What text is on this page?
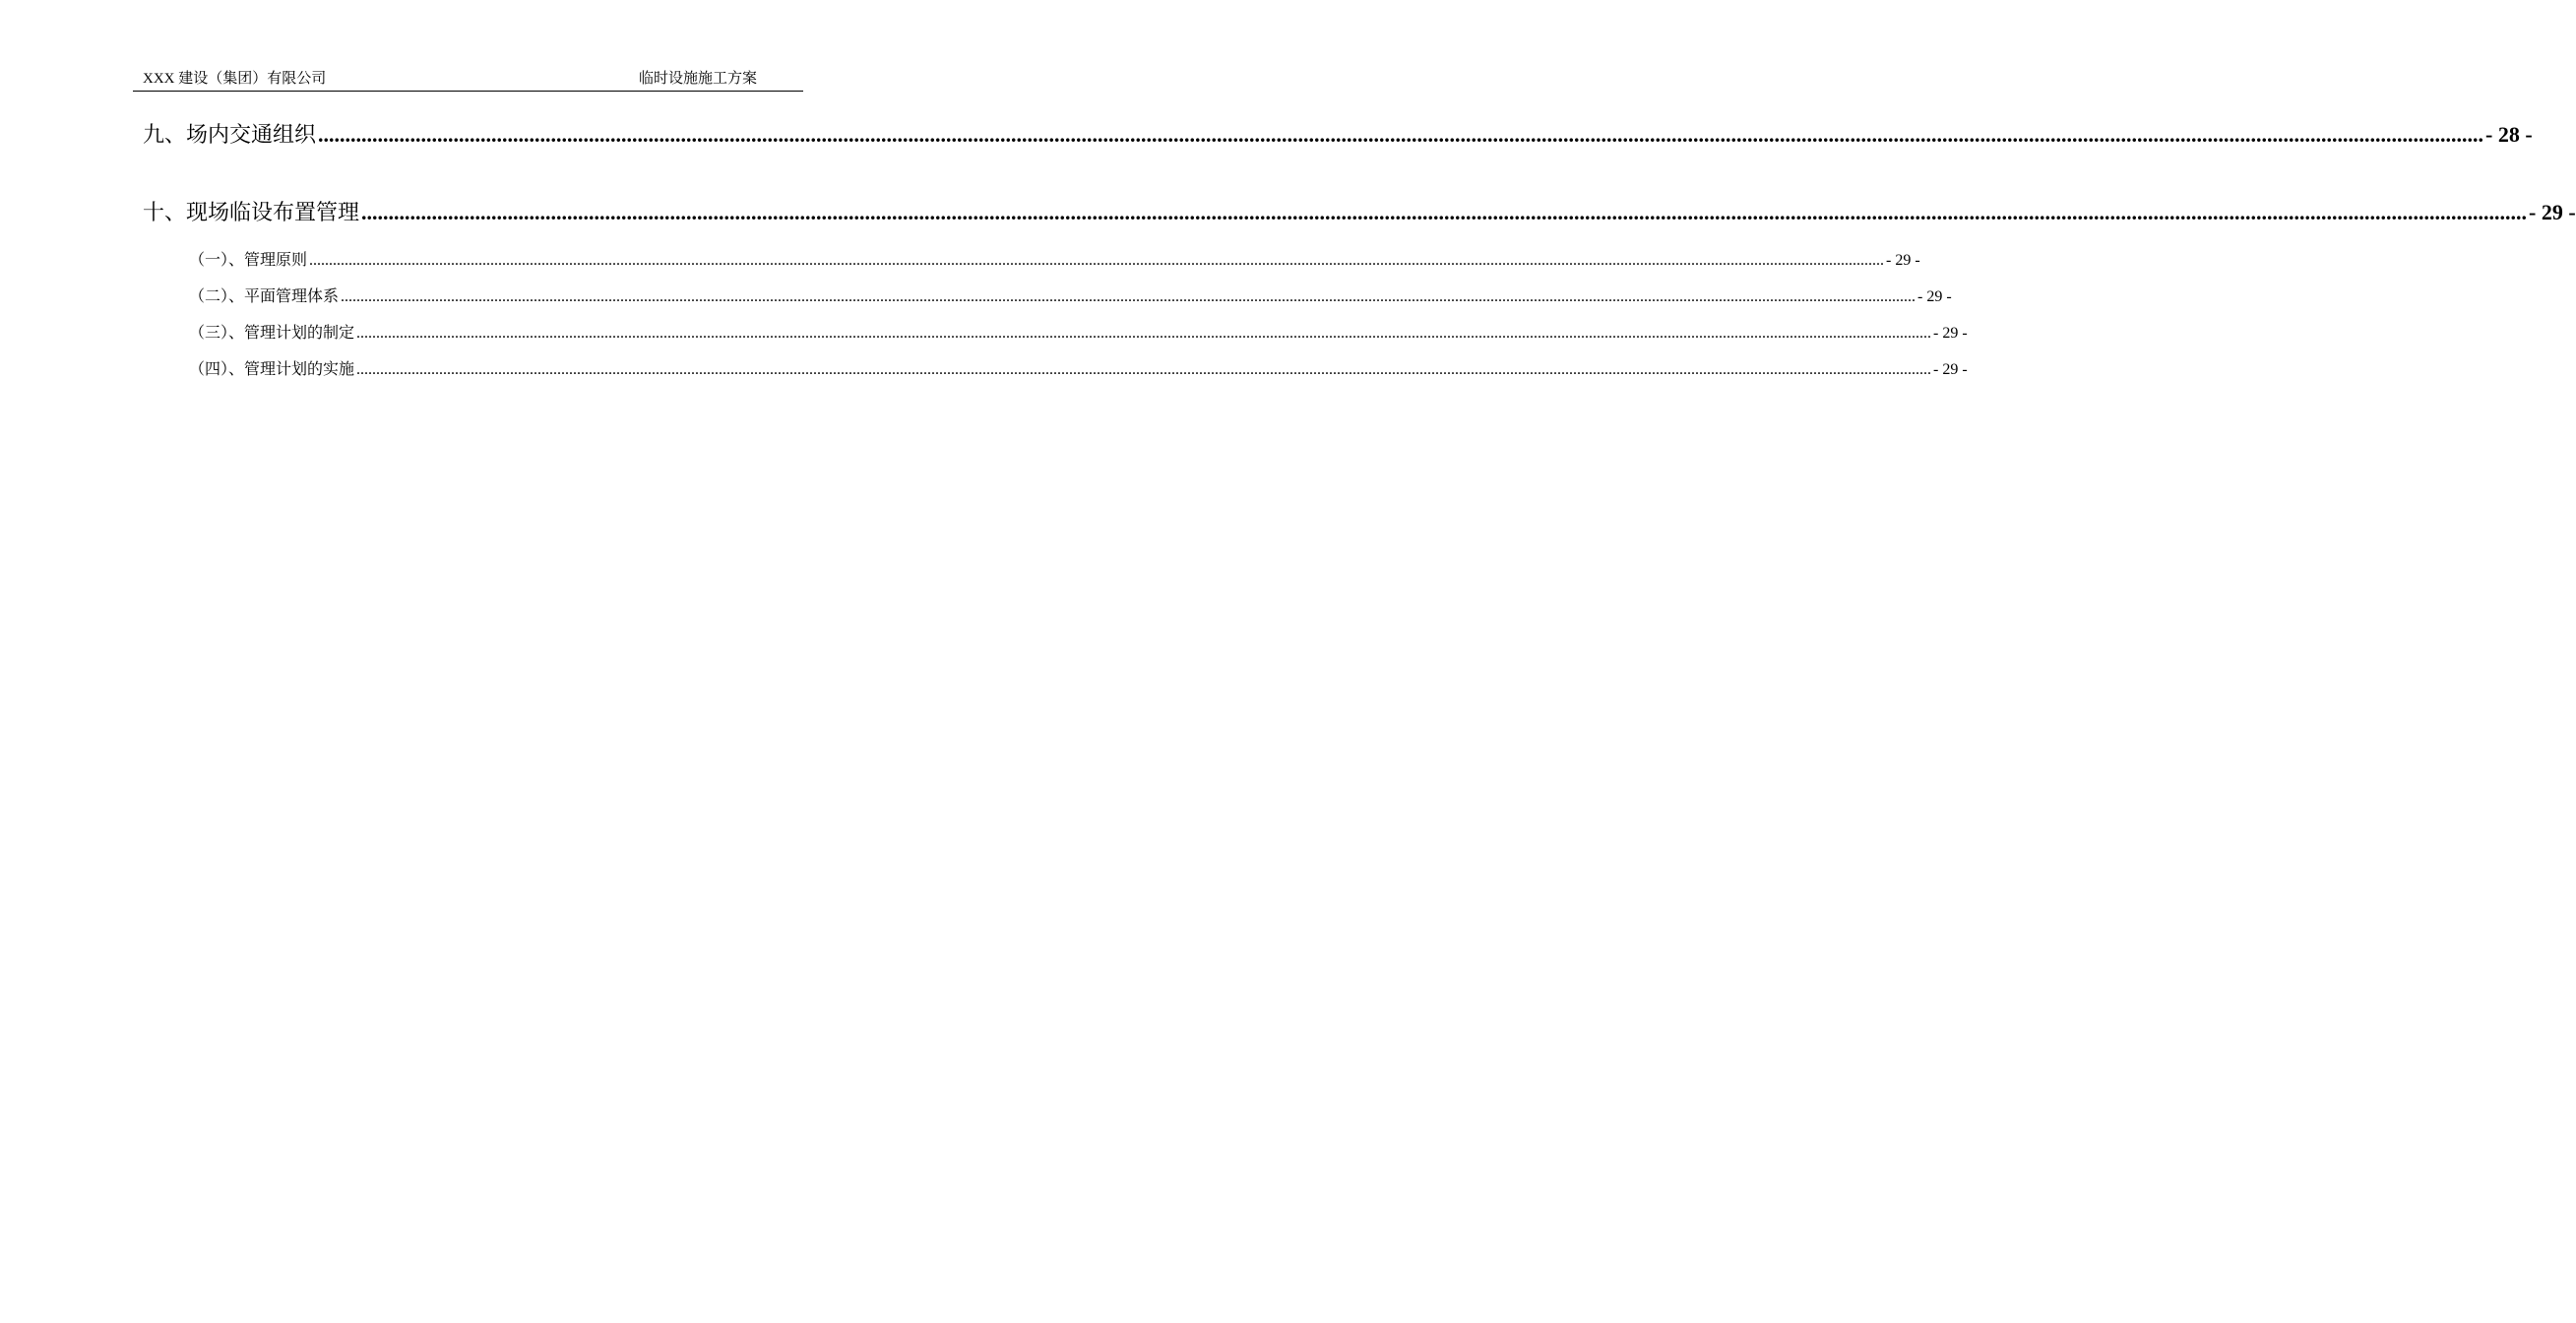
XXX 建设（集团）有限公司	临时设施施工方案
九、场内交通组织 ................................................................................................................................................................................................................................................................................................................................................................................................................ - 28 -
十、现场临设布置管理 ................................................................................................................................................................................................................................................................................................................................................................................................................ - 29 -
（一）、管理原则 ................................................................................................................................................................................................................................................................................................................................................................................................................ - 29 -
（二）、平面管理体系 ................................................................................................................................................................................................................................................................................................................................................................................................................ - 29 -
（三）、管理计划的制定 ................................................................................................................................................................................................................................................................................................................................................................................................................ - 29 -
（四）、管理计划的实施 ................................................................................................................................................................................................................................................................................................................................................................................................................ - 29 -
